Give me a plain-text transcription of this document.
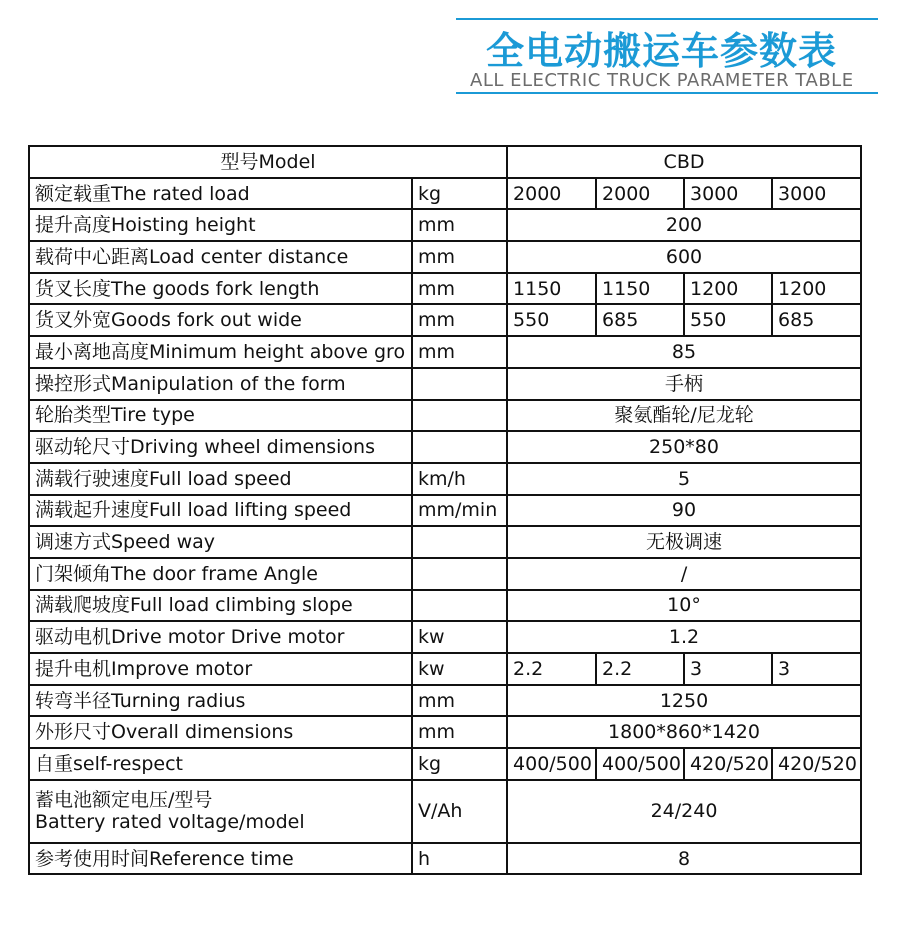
全电动搬运车参数表
ALL ELECTRIC TRUCK PARAMETER TABLE
型号Model		CBD			
额定载重The rated load	kg	2000	2000	3000	3000
提升高度Hoisting height	mm	200			
载荷中心距离Load center distance	mm	600			
货叉长度The goods fork length	mm	1150	1150	1200	1200
货叉外宽Goods fork out wide	mm	550	685	550	685
最小离地高度Minimum height above gro	mm	85			
操控形式Manipulation of the form		手柄			
轮胎类型Tire type		聚氨酯轮/尼龙轮			
驱动轮尺寸Driving wheel dimensions		250*80			
满载行驶速度Full load speed	km/h	5			
满载起升速度Full load lifting speed	mm/min	90			
调速方式Speed way		无极调速			
门架倾角The door frame Angle		/			
满载爬坡度Full load climbing slope		10°			
驱动电机Drive motor Drive motor	kw	1.2			
提升电机Improve motor	kw	2.2	2.2	3	3
转弯半径Turning radius	mm	1250			
外形尺寸Overall dimensions	mm	1800*860*1420			
自重self-respect	kg	400/500	400/500	420/520	420/520

蓄电池额定电压/型号
Battery rated voltage/model	V/Ah	24/240			
参考使用时间Reference time	h	8			
